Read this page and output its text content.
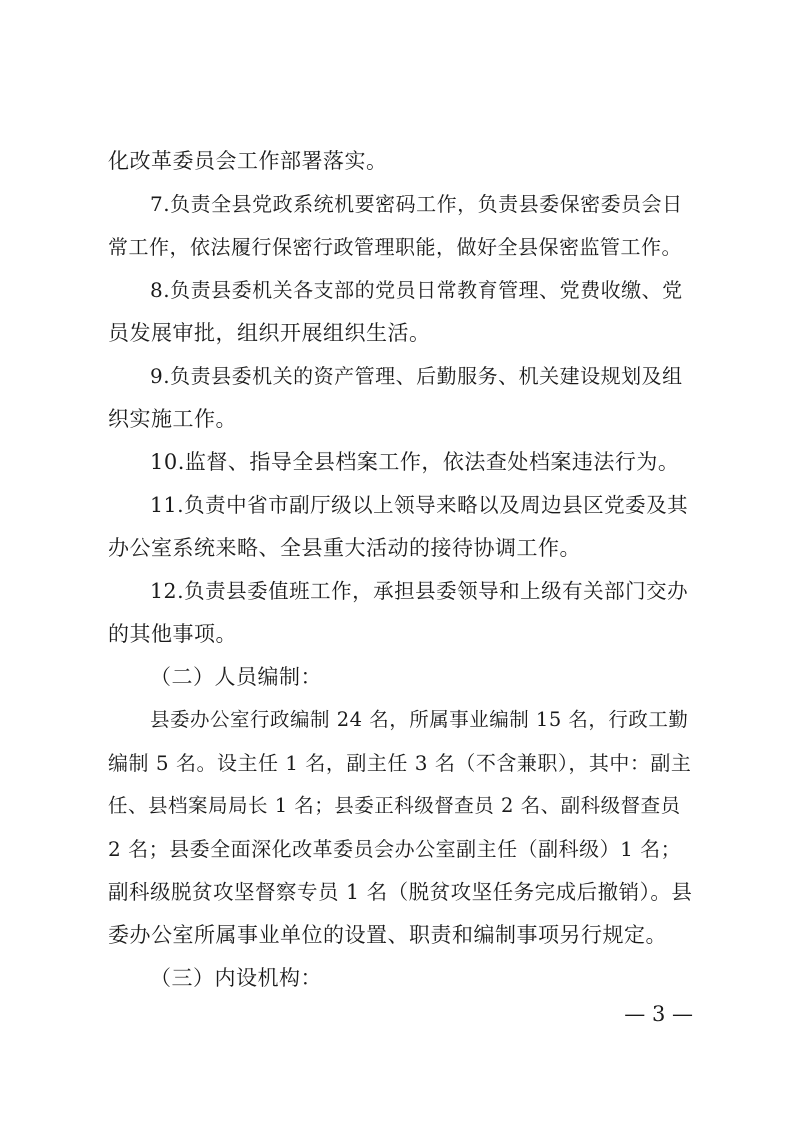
化改革委员会工作部署落实。
7.负责全县党政系统机要密码工作，负责县委保密委员会日
常工作，依法履行保密行政管理职能，做好全县保密监管工作。
8.负责县委机关各支部的党员日常教育管理、党费收缴、党
员发展审批，组织开展组织生活。
9.负责县委机关的资产管理、后勤服务、机关建设规划及组
织实施工作。
10.监督、指导全县档案工作，依法查处档案违法行为。
11.负责中省市副厅级以上领导来略以及周边县区党委及其
办公室系统来略、全县重大活动的接待协调工作。
12.负责县委值班工作，承担县委领导和上级有关部门交办
的其他事项。
（二）人员编制：
县委办公室行政编制 24 名，所属事业编制 15 名，行政工勤
编制 5 名。设主任 1 名，副主任 3 名（不含兼职），其中：副主
任、县档案局局长 1 名；县委正科级督查员 2 名、副科级督查员
2 名；县委全面深化改革委员会办公室副主任（副科级）1 名；
副科级脱贫攻坚督察专员 1 名（脱贫攻坚任务完成后撤销）。县
委办公室所属事业单位的设置、职责和编制事项另行规定。
（三）内设机构：
— 3 —
